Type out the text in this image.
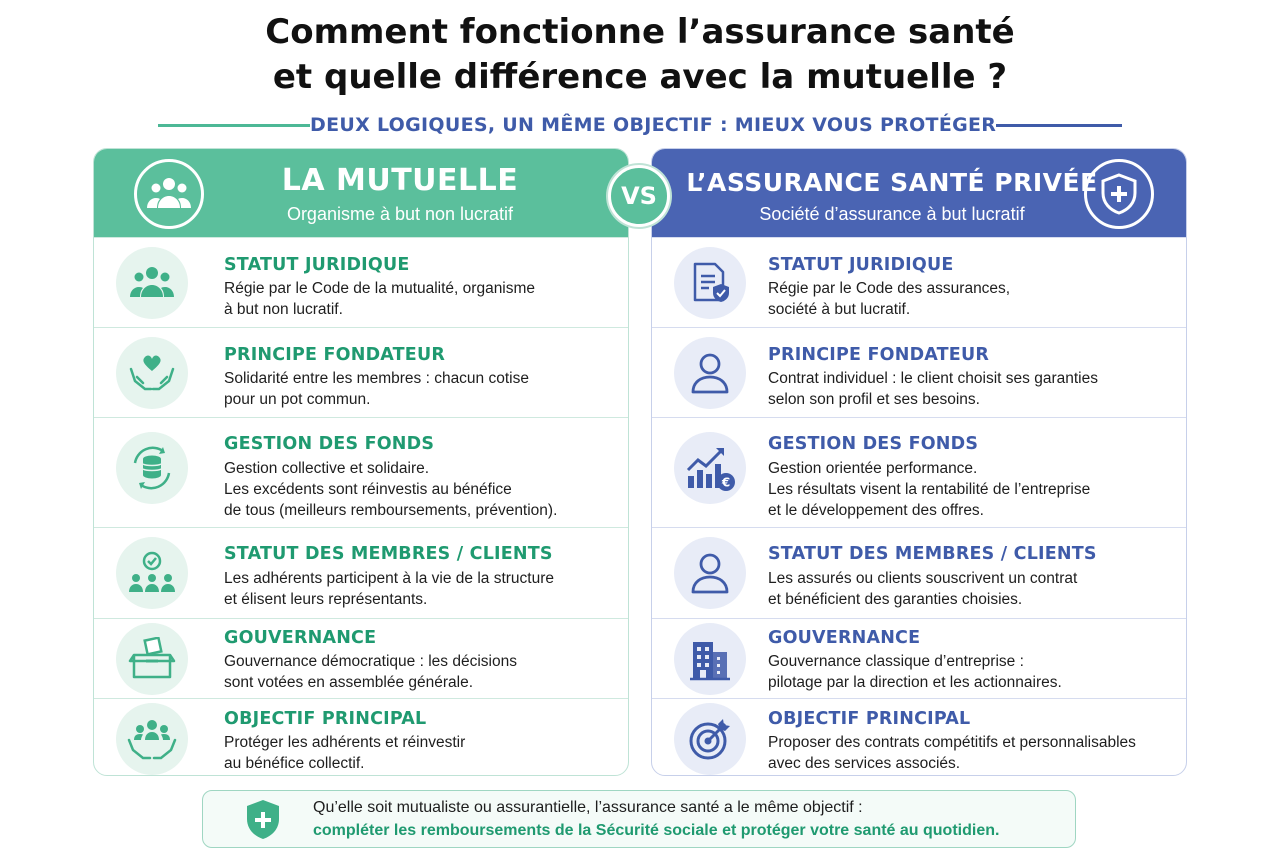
Comment fonctionne l’assurance santé
et quelle différence avec la mutuelle ?
DEUX LOGIQUES, UN MÊME OBJECTIF : MIEUX VOUS PROTÉGER
LA MUTUELLE
Organisme à but non lucratif
STATUT JURIDIQUE
Régie par le Code de la mutualité, organisme
à but non lucratif.
PRINCIPE FONDATEUR
Solidarité entre les membres : chacun cotise
pour un pot commun.
GESTION DES FONDS
Gestion collective et solidaire.
Les excédents sont réinvestis au bénéfice
de tous (meilleurs remboursements, prévention).
STATUT DES MEMBRES / CLIENTS
Les adhérents participent à la vie de la structure
et élisent leurs représentants.
GOUVERNANCE
Gouvernance démocratique : les décisions
sont votées en assemblée générale.
OBJECTIF PRINCIPAL
Protéger les adhérents et réinvestir
au bénéfice collectif.
L’ASSURANCE SANTÉ PRIVÉE
Société d’assurance à but lucratif
STATUT JURIDIQUE
Régie par le Code des assurances,
société à but lucratif.
PRINCIPE FONDATEUR
Contrat individuel : le client choisit ses garanties
selon son profil et ses besoins.
€
GESTION DES FONDS
Gestion orientée performance.
Les résultats visent la rentabilité de l’entreprise
et le développement des offres.
STATUT DES MEMBRES / CLIENTS
Les assurés ou clients souscrivent un contrat
et bénéficient des garanties choisies.
GOUVERNANCE
Gouvernance classique d’entreprise :
pilotage par la direction et les actionnaires.
OBJECTIF PRINCIPAL
Proposer des contrats compétitifs et personnalisables
avec des services associés.
VS
Qu’elle soit mutualiste ou assurantielle, l’assurance santé a le même objectif :
compléter les remboursements de la Sécurité sociale et protéger votre santé au quotidien.
